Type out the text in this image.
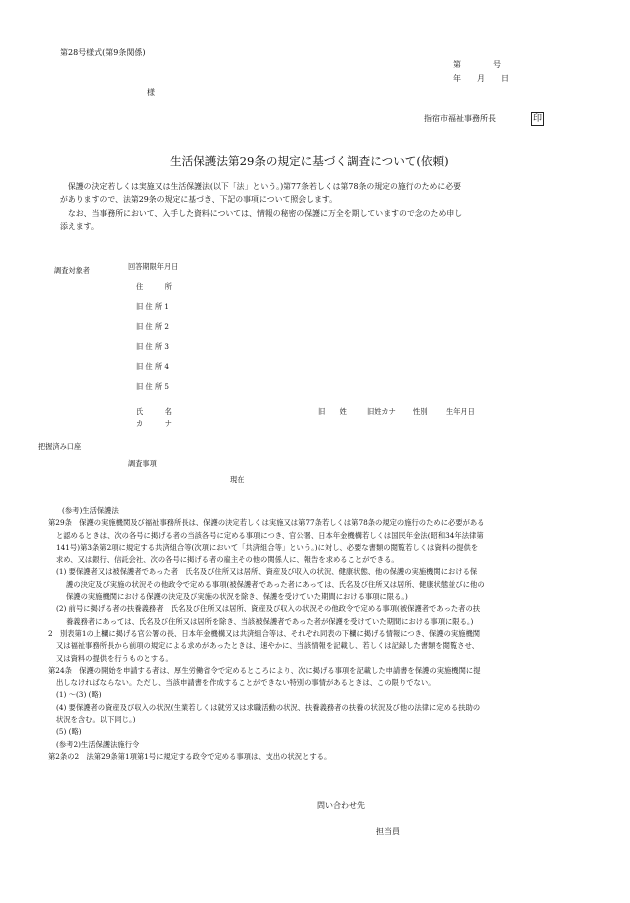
第28号様式(第9条関係)
第　　　　号
年　　月　　日
様
指宿市福祉事務所長	印
生活保護法第29条の規定に基づく調査について(依頼)
　保護の決定若しくは実施又は生活保護法(以下「法」という。)第77条若しくは第78条の規定の施行のために必要
がありますので、法第29条の規定に基づき、下記の事項について照会します。
　なお、当事務所において、入手した資料については、情報の秘密の保護に万全を期していますので念のため申し
添えます。
調査対象者	回答期限年月日
住　　　所
旧 住 所 1
旧 住 所 2
旧 住 所 3
旧 住 所 4
旧 住 所 5
氏　　　名
カ　　　ナ
旧　　姓	旧姓カナ 性別	生年月日
把握済み口座
調査事項
現在
(参考)生活保護法
第29条　保護の実施機関及び福祉事務所長は、保護の決定若しくは実施又は第77条若しくは第78条の規定の施行のために必要がある
と認めるときは、次の各号に掲げる者の当該各号に定める事項につき、官公署、日本年金機構若しくは国民年金法(昭和34年法律第
141号)第3条第2項に規定する共済組合等(次項において「共済組合等」という。)に対し、必要な書類の閲覧若しくは資料の提供を
求め、又は銀行、信託会社、次の各号に掲げる者の雇主その他の関係人に、報告を求めることができる。
(1) 要保護者又は被保護者であった者　氏名及び住所又は居所、資産及び収入の状況、健康状態、他の保護の実施機関における保
護の決定及び実施の状況その他政令で定める事項(被保護者であった者にあっては、氏名及び住所又は居所、健康状態並びに他の
保護の実施機関における保護の決定及び実施の状況を除き、保護を受けていた期間における事項に限る。)
(2) 前号に掲げる者の扶養義務者　氏名及び住所又は居所、資産及び収入の状況その他政令で定める事項(被保護者であった者の扶
養義務者にあっては、氏名及び住所又は居所を除き、当該被保護者であった者が保護を受けていた期間における事項に限る。)
2　別表第1の上欄に掲げる官公署の長、日本年金機構又は共済組合等は、それぞれ同表の下欄に掲げる情報につき、保護の実施機関
又は福祉事務所長から前項の規定による求めがあったときは、速やかに、当該情報を記載し、若しくは記録した書類を閲覧させ、
又は資料の提供を行うものとする。
第24条　保護の開始を申請する者は、厚生労働省令で定めるところにより、次に掲げる事項を記載した申請書を保護の実施機関に提
出しなければならない。ただし、当該申請書を作成することができない特別の事情があるときは、この限りでない。
(1) ～(3) (略)
(4) 要保護者の資産及び収入の状況(生業若しくは就労又は求職活動の状況、扶養義務者の扶養の状況及び他の法律に定める扶助の
状況を含む。以下同じ。)
(5) (略)
(参考2)生活保護法施行令
第2条の2　法第29条第1項第1号に規定する政令で定める事項は、支出の状況とする。
問い合わせ先
担当員
